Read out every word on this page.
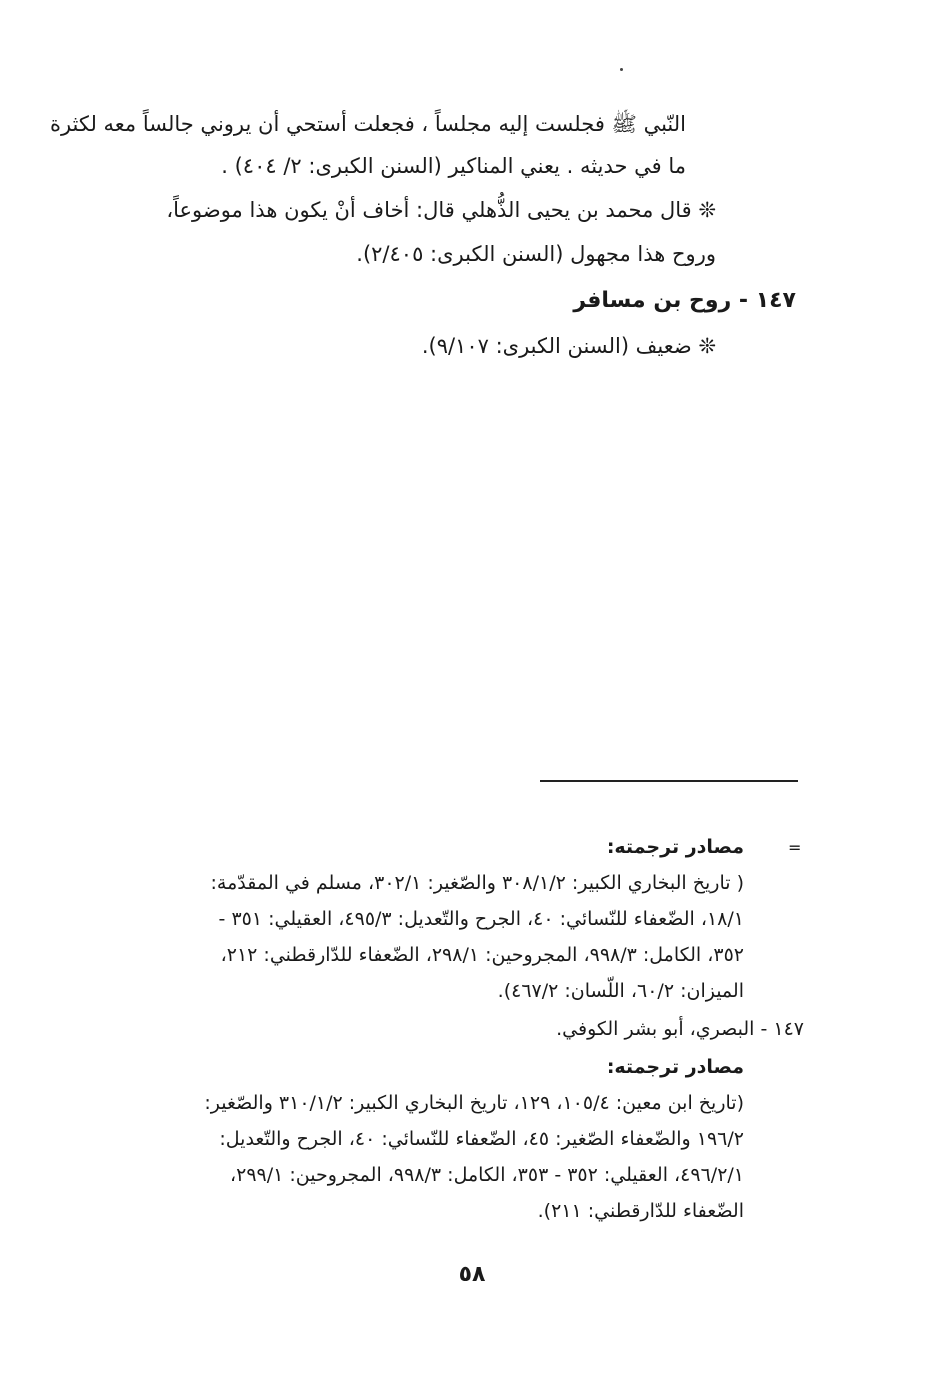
النّبي ﷺ فجلست إليه مجلساً ، فجعلت أستحي أن يروني جالساً معه لكثرة
ما في حديثه . يعني المناكير (السنن الكبرى: ٢/ ٤٠٤) .
❊ قال محمد بن يحيى الذُّهلي قال: أخاف أنْ يكون هذا موضوعاً،
وروح هذا مجهول (السنن الكبرى: ٢/٤٠٥).
١٤٧ - روح بن مسافر
❊ ضعيف (السنن الكبرى: ٩/١٠٧).
=
مصادر ترجمته:
( تاريخ البخاري الكبير: ٣٠٨/١/٢ والصّغير: ٣٠٢/١، مسلم في المقدّمة:
١٨/١، الضّعفاء للنّسائي: ٤٠، الجرح والتّعديل: ٤٩٥/٣، العقيلي: ٣٥١ -
٣٥٢، الكامل: ٩٩٨/٣، المجروحين: ٢٩٨/١، الضّعفاء للدّارقطني: ٢١٢،
الميزان: ٦٠/٢، اللّسان: ٤٦٧/٢).
١٤٧ - البصري، أبو بشر الكوفي.
مصادر ترجمته:
(تاريخ ابن معين: ١٠٥/٤، ١٢٩، تاريخ البخاري الكبير: ٣١٠/١/٢ والصّغير:
١٩٦/٢ والضّعفاء الصّغير: ٤٥، الضّعفاء للنّسائي: ٤٠، الجرح والتّعديل:
٤٩٦/٢/١، العقيلي: ٣٥٢ - ٣٥٣، الكامل: ٩٩٨/٣، المجروحين: ٢٩٩/١،
الضّعفاء للدّارقطني: ٢١١).
٥٨
